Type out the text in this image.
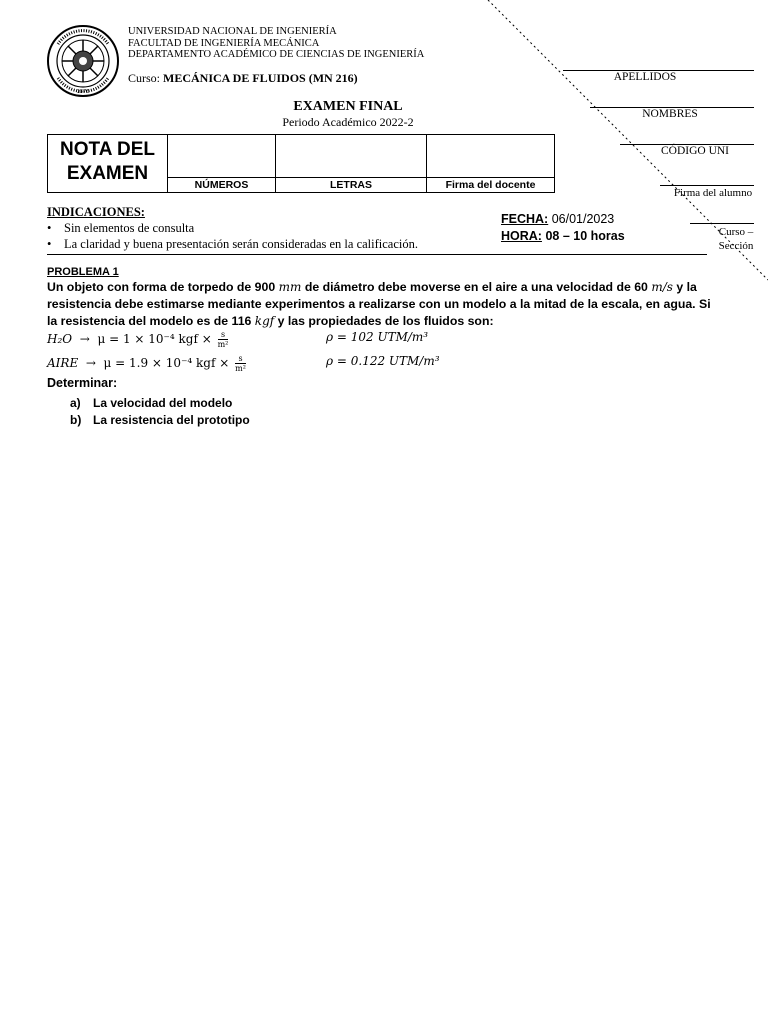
1876
UNIVERSIDAD NACIONAL DE INGENIERÍA
FACULTAD DE INGENIERÍA MECÁNICA
DEPARTAMENTO ACADÉMICO DE CIENCIAS DE INGENIERÍA
Curso: MECÁNICA DE FLUIDOS (MN 216)
EXAMEN FINAL
Periodo Académico 2022-2
NOTA DEL
EXAMEN
NÚMEROS	LETRAS	Firma del docente
APELLIDOS
NOMBRES
CÓDIGO UNI
Firma del alumno
Curso –
Sección
INDICACIONES:
• Sin elementos de consulta
• La claridad y buena presentación serán consideradas en la calificación.
FECHA: 06/01/2023
HORA: 08 – 10 horas
PROBLEMA 1
Un objeto con forma de torpedo de 900 mm de diámetro debe moverse en el aire a una velocidad de 60 m/s y la resistencia debe estimarse mediante experimentos a realizarse con un modelo a la mitad de la escala, en agua. Si la resistencia del modelo es de 116 kgf y las propiedades de los fluidos son:
H₂O → μ = 1 × 10⁻⁴ kgf × $\frac{s}{\text{m²}}$	ρ = 102 UTM/m³
AIRE → μ = 1.9 × 10⁻⁴ kgf × $\frac{s}{\text{m²}}$	ρ = 0.122 UTM/m³
Determinar:
a) La velocidad del modelo
b) La resistencia del prototipo
